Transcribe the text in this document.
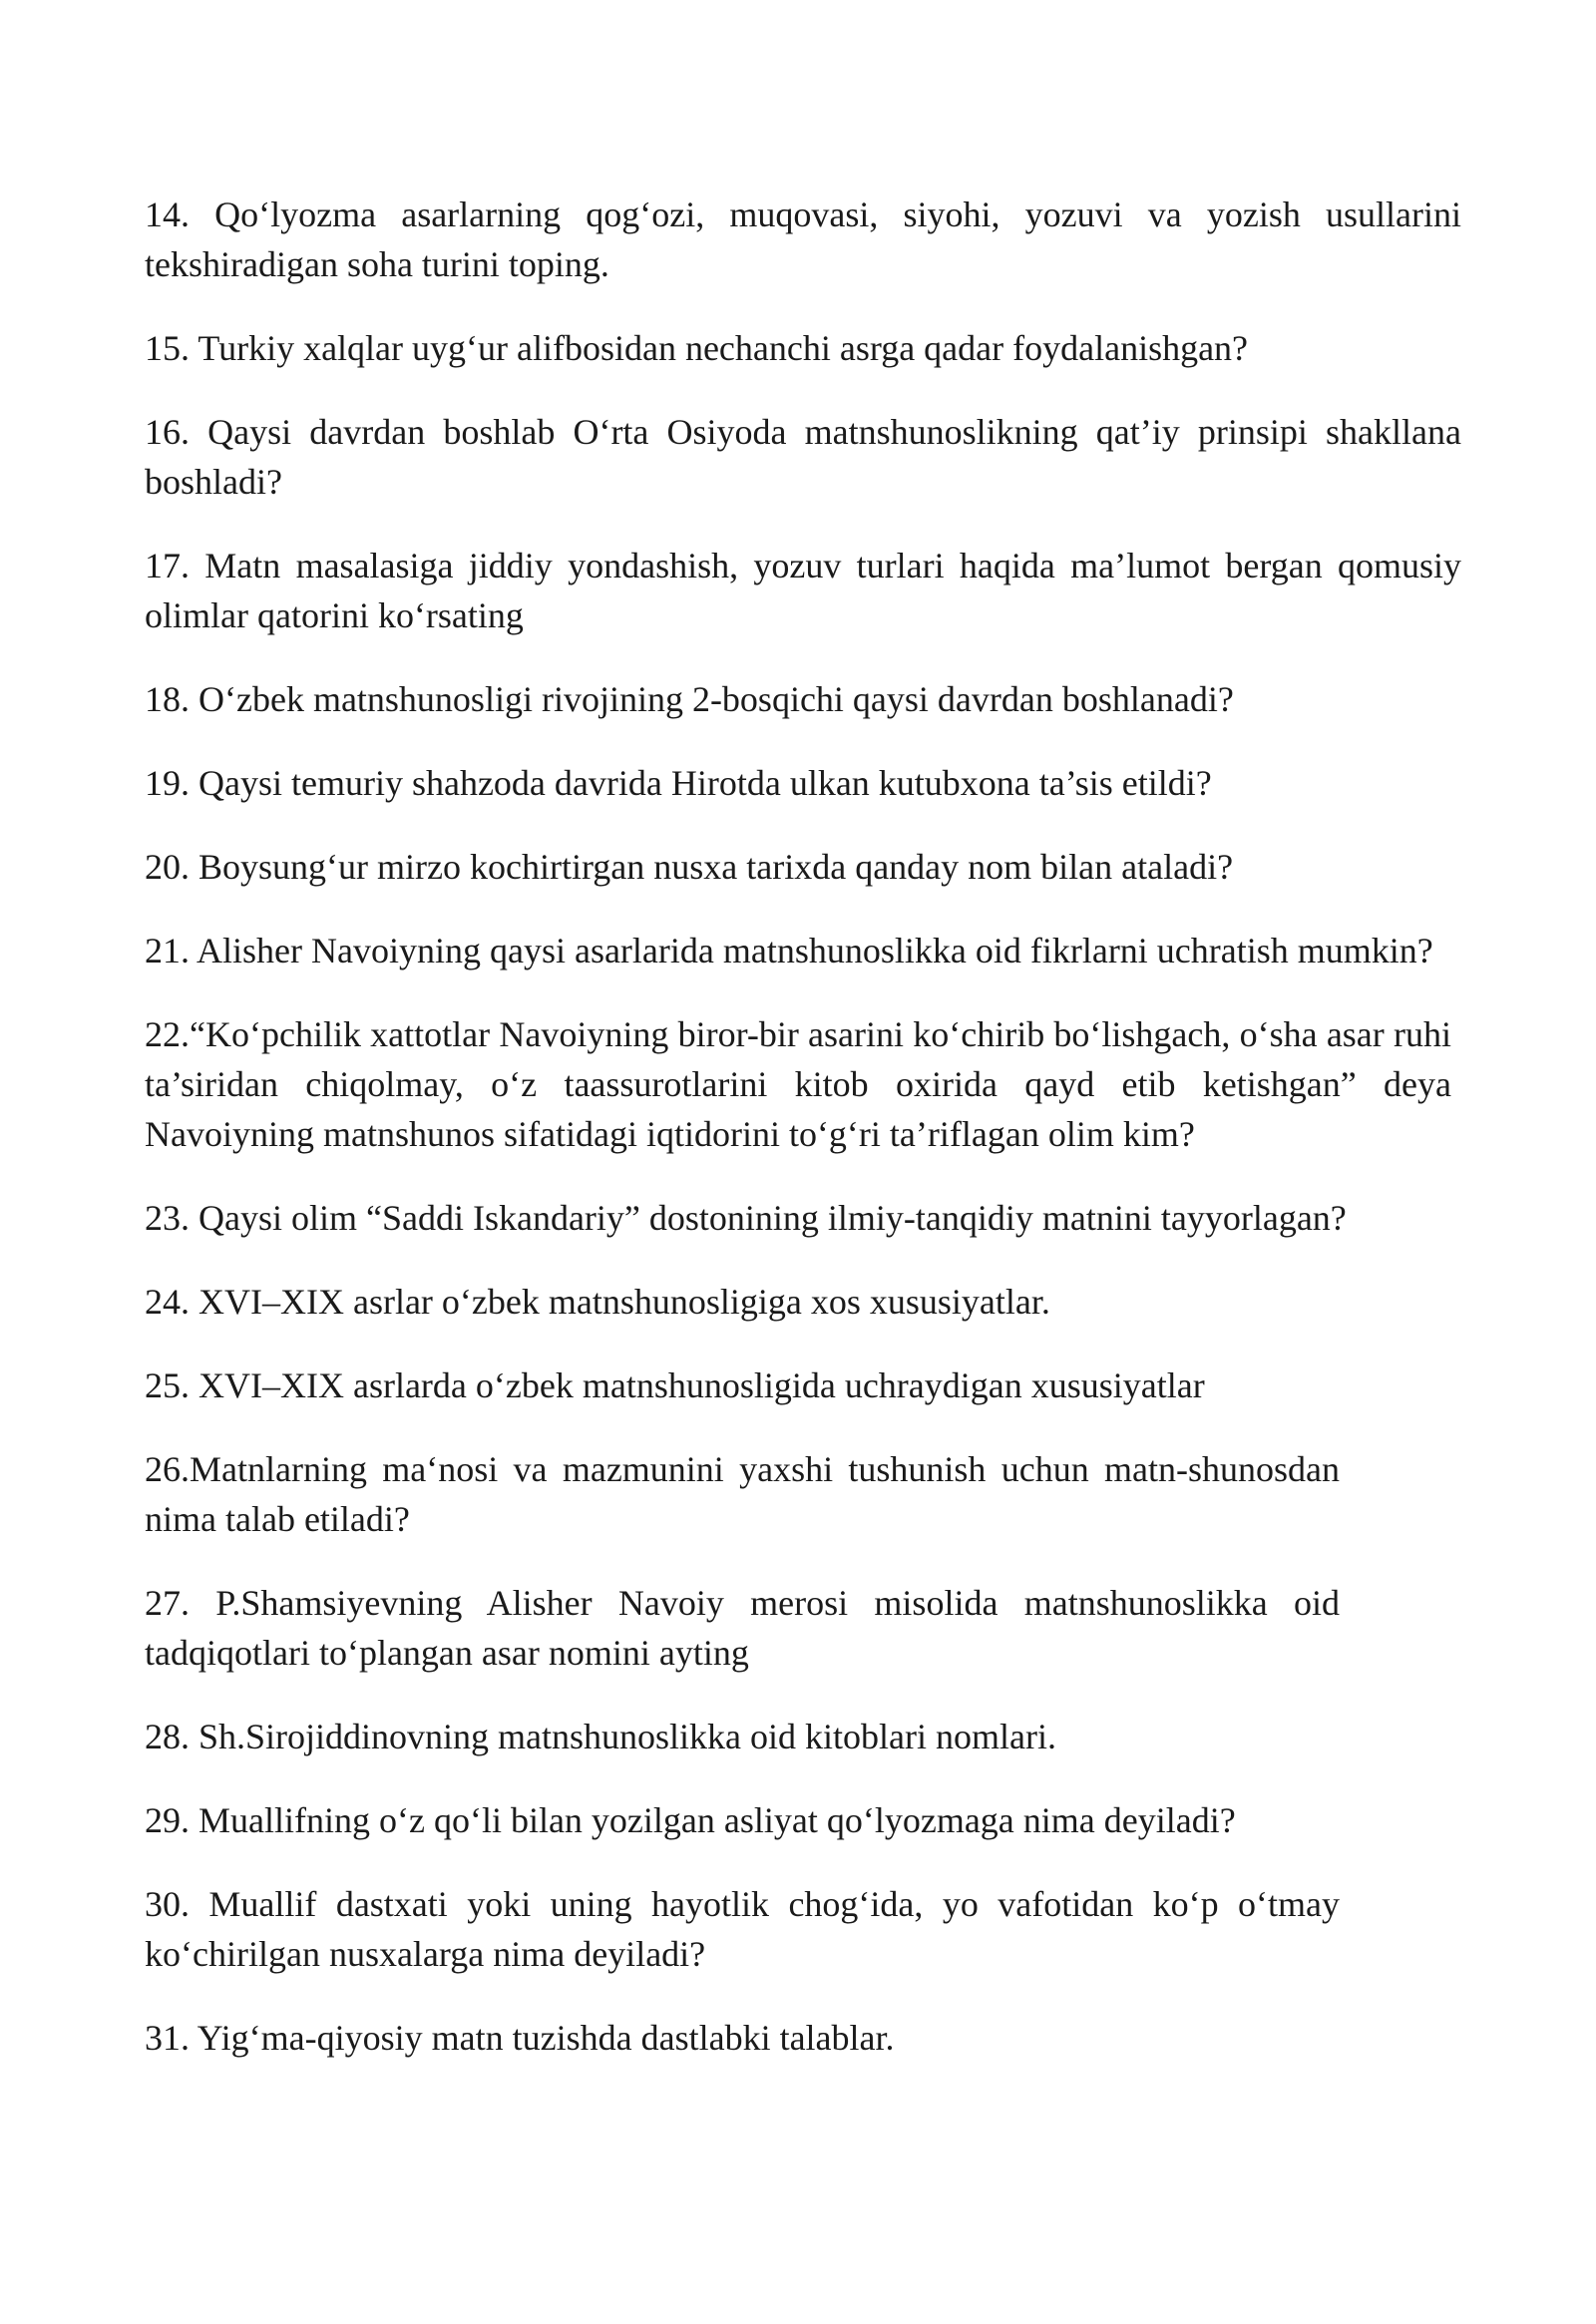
14. Qo‘lyozma asarlarning qog‘ozi, muqovasi, siyohi, yozuvi va yozish usullarini tekshiradigan soha turini toping.

15. Turkiy xalqlar uyg‘ur alifbosidan nechanchi asrga qadar foydalanishgan?

16. Qaysi davrdan boshlab O‘rta Osiyoda matnshunoslikning qat’iy prinsipi shakllana boshladi?

17. Matn masalasiga jiddiy yondashish, yozuv turlari haqida ma’lumot bergan qomusiy olimlar qatorini ko‘rsating

18. O‘zbek matnshunosligi rivojining 2-bosqichi qaysi davrdan boshlanadi?

19. Qaysi temuriy shahzoda davrida Hirotda ulkan kutubxona ta’sis etildi?

20. Boysung‘ur mirzo kochirtirgan nusxa tarixda qanday nom bilan ataladi?

21. Alisher Navoiyning qaysi asarlarida matnshunoslikka oid fikrlarni uchratish mumkin?

22.“Ko‘pchilik xattotlar Navoiyning biror-bir asarini ko‘chirib bo‘lishgach, o‘sha asar ruhi ta’siridan chiqolmay, o‘z taassurotlarini kitob oxirida qayd etib ketishgan” deya Navoiyning matnshunos sifatidagi iqtidorini to‘g‘ri ta’riflagan olim kim?

23. Qaysi olim “Saddi Iskandariy” dostonining ilmiy-tanqidiy matnini tayyorlagan?

24. XVI–XIX asrlar o‘zbek matnshunosligiga xos xususiyatlar.

25. XVI–XIX asrlarda o‘zbek matnshunosligida uchraydigan xususiyatlar

26.Matnlarning ma‘nosi va mazmunini yaxshi tushunish uchun matn-shunosdan nima talab etiladi?

27. P.Shamsiyevning Alisher Navoiy merosi misolida matnshunoslikka oid tadqiqotlari to‘plangan asar nomini ayting

28. Sh.Sirojiddinovning matnshunoslikka oid kitoblari nomlari.

29. Muallifning o‘z qo‘li bilan yozilgan asliyat qo‘lyozmaga nima deyiladi?

30. Muallif dastxati yoki uning hayotlik chog‘ida, yo vafotidan ko‘p o‘tmay ko‘chirilgan nusxalarga nima deyiladi?

31. Yig‘ma-qiyosiy matn tuzishda dastlabki talablar.
